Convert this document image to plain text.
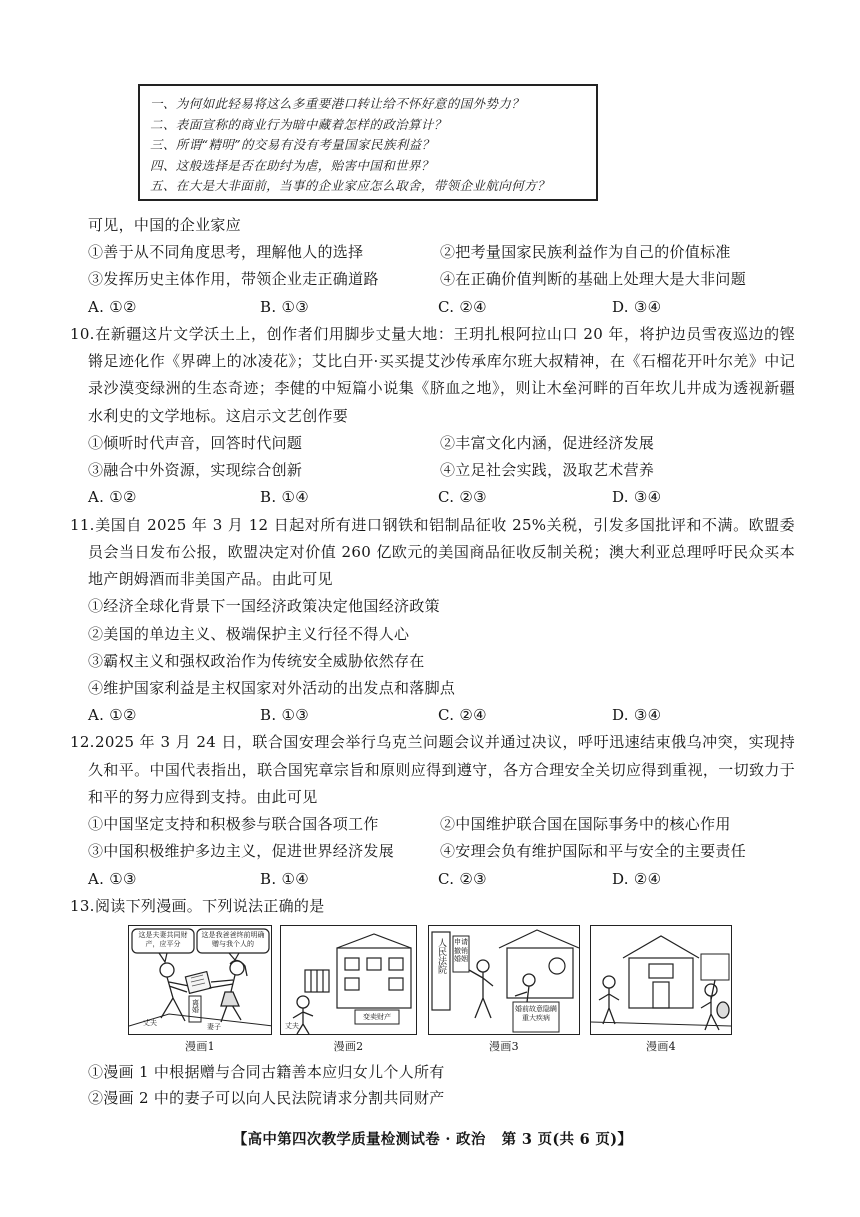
一、为何如此轻易将这么多重要港口转让给不怀好意的国外势力？
二、表面宣称的商业行为暗中藏着怎样的政治算计？
三、所谓“精明”的交易有没有考量国家民族利益？
四、这般选择是否在助纣为虐，贻害中国和世界？
五、在大是大非面前，当事的企业家应怎么取舍，带领企业航向何方？
可见，中国的企业家应
①善于从不同角度思考，理解他人的选择	②把考量国家民族利益作为自己的价值标准
③发挥历史主体作用，带领企业走正确道路	④在正确价值判断的基础上处理大是大非问题
A. ①②	B. ①③	C. ②④	D. ③④
10.在新疆这片文学沃土上，创作者们用脚步丈量大地：王玥扎根阿拉山口 20 年，将护边员雪夜巡边的铿锵足迹化作《界碑上的冰凌花》；艾比白开·买买提艾沙传承库尔班大叔精神，在《石榴花开叶尔羌》中记录沙漠变绿洲的生态奇迹；李健的中短篇小说集《脐血之地》，则让木垒河畔的百年坎儿井成为透视新疆水利史的文学地标。这启示文艺创作要
①倾听时代声音，回答时代问题	②丰富文化内涵，促进经济发展
③融合中外资源，实现综合创新	④立足社会实践，汲取艺术营养
A. ①②	B. ①④	C. ②③	D. ③④
11.美国自 2025 年 3 月 12 日起对所有进口钢铁和铝制品征收 25%关税，引发多国批评和不满。欧盟委员会当日发布公报，欧盟决定对价值 260 亿欧元的美国商品征收反制关税；澳大利亚总理呼吁民众买本地产朗姆酒而非美国产品。由此可见
①经济全球化背景下一国经济政策决定他国经济政策
②美国的单边主义、极端保护主义行径不得人心
③霸权主义和强权政治作为传统安全威胁依然存在
④维护国家利益是主权国家对外活动的出发点和落脚点
A. ①②	B. ①③	C. ②④	D. ③④
12.2025 年 3 月 24 日，联合国安理会举行乌克兰问题会议并通过决议，呼吁迅速结束俄乌冲突，实现持久和平。中国代表指出，联合国宪章宗旨和原则应得到遵守，各方合理安全关切应得到重视，一切致力于和平的努力应得到支持。由此可见
①中国坚定支持和积极参与联合国各项工作	②中国维护联合国在国际事务中的核心作用
③中国积极维护多边主义，促进世界经济发展	④安理会负有维护国际和平与安全的主要责任
A. ①③	B. ①④	C. ②③	D. ②④
13.阅读下列漫画。下列说法正确的是
这是夫妻共同财产，应平分
这是我爸爸终前明确赠与我个人的
离婚
丈夫	妻子
变卖财产
丈夫
人民法院 申请撤销婚姻
婚前故意隐瞒重大疾病
漫画1	漫画2	漫画3	漫画4
①漫画 1 中根据赠与合同古籍善本应归女儿个人所有
②漫画 2 中的妻子可以向人民法院请求分割共同财产
【高中第四次教学质量检测试卷 · 政治   第 3 页(共 6 页)】
